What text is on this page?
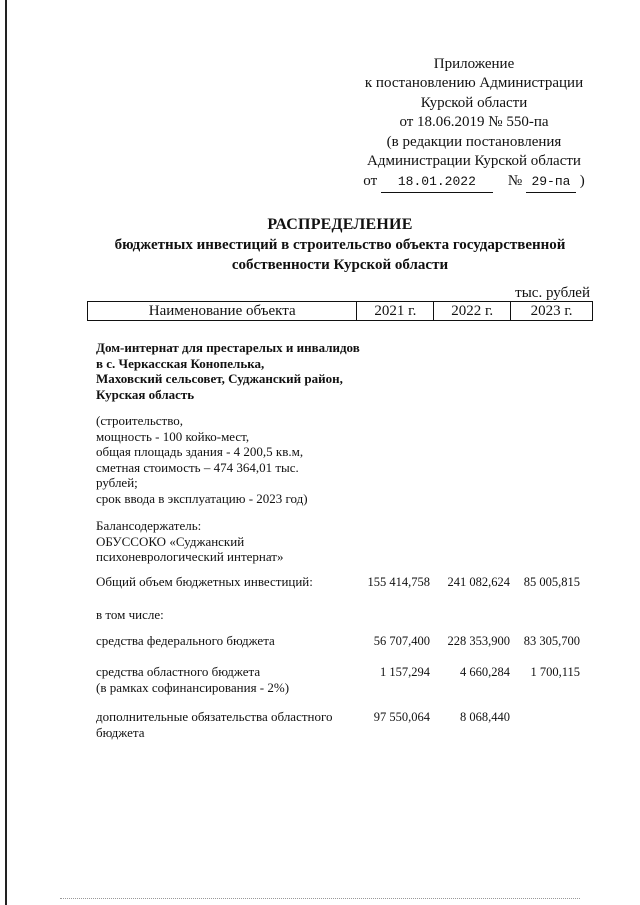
Приложение
к постановлению Администрации
Курской области
от 18.06.2019 № 550-па
(в редакции постановления
Администрации Курской области
от 18.01.2022 № 29-па )
РАСПРЕДЕЛЕНИЕ
бюджетных инвестиций в строительство объекта государственной
собственности Курской области
тыс. рублей
Наименование объекта	2021 г.	2022 г.	2023 г.
Дом-интернат для престарелых и инвалидов
в с. Черкасская Конопелька,
Маховский сельсовет, Суджанский район,
Курская область
(строительство,
мощность - 100 койко-мест,
общая площадь здания - 4 200,5 кв.м,
сметная стоимость – 474 364,01 тыс.
рублей;
срок ввода в эксплуатацию - 2023 год)
Балансодержатель:
ОБУССОКО «Суджанский
психоневрологический интернат»
Общий объем бюджетных инвестиций:	155 414,758	241 082,624	85 005,815
в том числе:
средства федерального бюджета	56 707,400	228 353,900	83 305,700
средства областного бюджета
(в рамках софинансирования - 2%)
1 157,294	4 660,284	1 700,115
дополнительные обязательства областного
бюджета
97 550,064	8 068,440
